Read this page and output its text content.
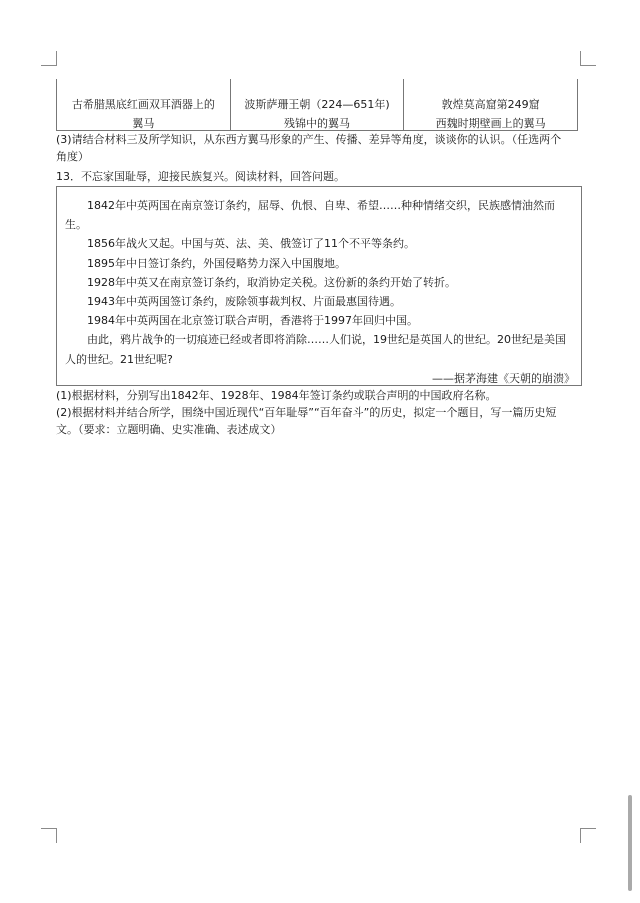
古希腊黑底红画双耳酒器上的
翼马
波斯萨珊王朝（224—651年)
残锦中的翼马
敦煌莫高窟第249窟
西魏时期壁画上的翼马
(3)请结合材料三及所学知识，从东西方翼马形象的产生、传播、差异等角度，谈谈你的认识。（任选两个
角度）
13．不忘家国耻辱，迎接民族复兴。阅读材料，回答问题。
1842年中英两国在南京签订条约，屈辱、仇恨、自卑、希望……种种情绪交织，民族感情油然而
生。
1856年战火又起。中国与英、法、美、俄签订了11个不平等条约。
1895年中日签订条约，外国侵略势力深入中国腹地。
1928年中英又在南京签订条约，取消协定关税。这份新的条约开始了转折。
1943年中英两国签订条约，废除领事裁判权、片面最惠国待遇。
1984年中英两国在北京签订联合声明，香港将于1997年回归中国。
由此，鸦片战争的一切痕迹已经或者即将消除……人们说，19世纪是英国人的世纪。20世纪是美国
人的世纪。21世纪呢?
——据茅海建《天朝的崩溃》
(1)根据材料，分别写出1842年、1928年、1984年签订条约或联合声明的中国政府名称。
(2)根据材料并结合所学，围绕中国近现代“百年耻辱”“百年奋斗”的历史，拟定一个题目，写一篇历史短
文。（要求：立题明确、史实准确、表述成文）
